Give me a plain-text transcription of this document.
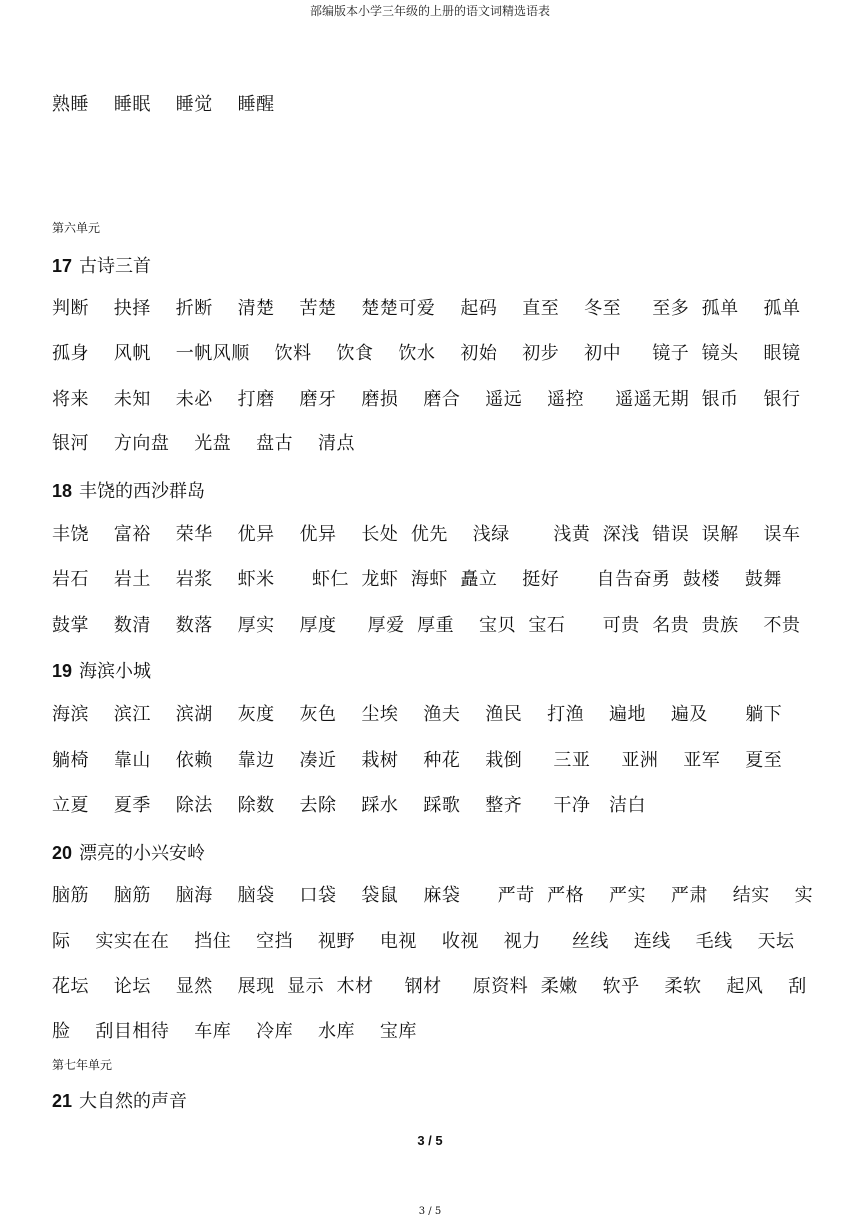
部编版本小学三年级的上册的语文词精选语表
熟睡    睡眠    睡觉    睡醒
第六单元
17 古诗三首
判断    抉择    折断    清楚    苦楚    楚楚可爱    起码    直至    冬至     至多  孤单    孤单
孤身    风帆    一帆风顺    饮料    饮食    饮水    初始    初步    初中     镜子  镜头    眼镜
将来    未知    未必    打磨    磨牙    磨损    磨合    遥远    遥控     遥遥无期  银币    银行
银河    方向盘    光盘    盘古    清点
18 丰饶的西沙群岛
丰饶    富裕    荣华    优异    优异    长处  优先    浅绿       浅黄  深浅  错误  误解    误车
岩石    岩土    岩浆    虾米      虾仁  龙虾  海虾  矗立    挺好      自告奋勇  鼓楼    鼓舞
鼓掌    数清    数落    厚实    厚度     厚爱  厚重    宝贝  宝石      可贵  名贵  贵族    不贵
19 海滨小城
海滨    滨江    滨湖    灰度    灰色    尘埃    渔夫    渔民    打渔    遍地    遍及      躺下
躺椅    靠山    依赖    靠边    凑近    栽树    种花    栽倒     三亚     亚洲    亚军    夏至
立夏    夏季    除法    除数    去除    踩水    踩歌    整齐     干净   洁白
20 漂亮的小兴安岭
脑筋    脑筋    脑海    脑袋    口袋    袋鼠    麻袋      严苛  严格    严实    严肃    结实    实
际    实实在在    挡住    空挡    视野    电视    收视    视力     丝线    连线    毛线    天坛
花坛    论坛    显然    展现  显示  木材     钢材     原资料  柔嫩    软乎    柔软    起风    刮
脸    刮目相待    车库    冷库    水库    宝库
第七年单元
21 大自然的声音
3 / 5
3 / 5
